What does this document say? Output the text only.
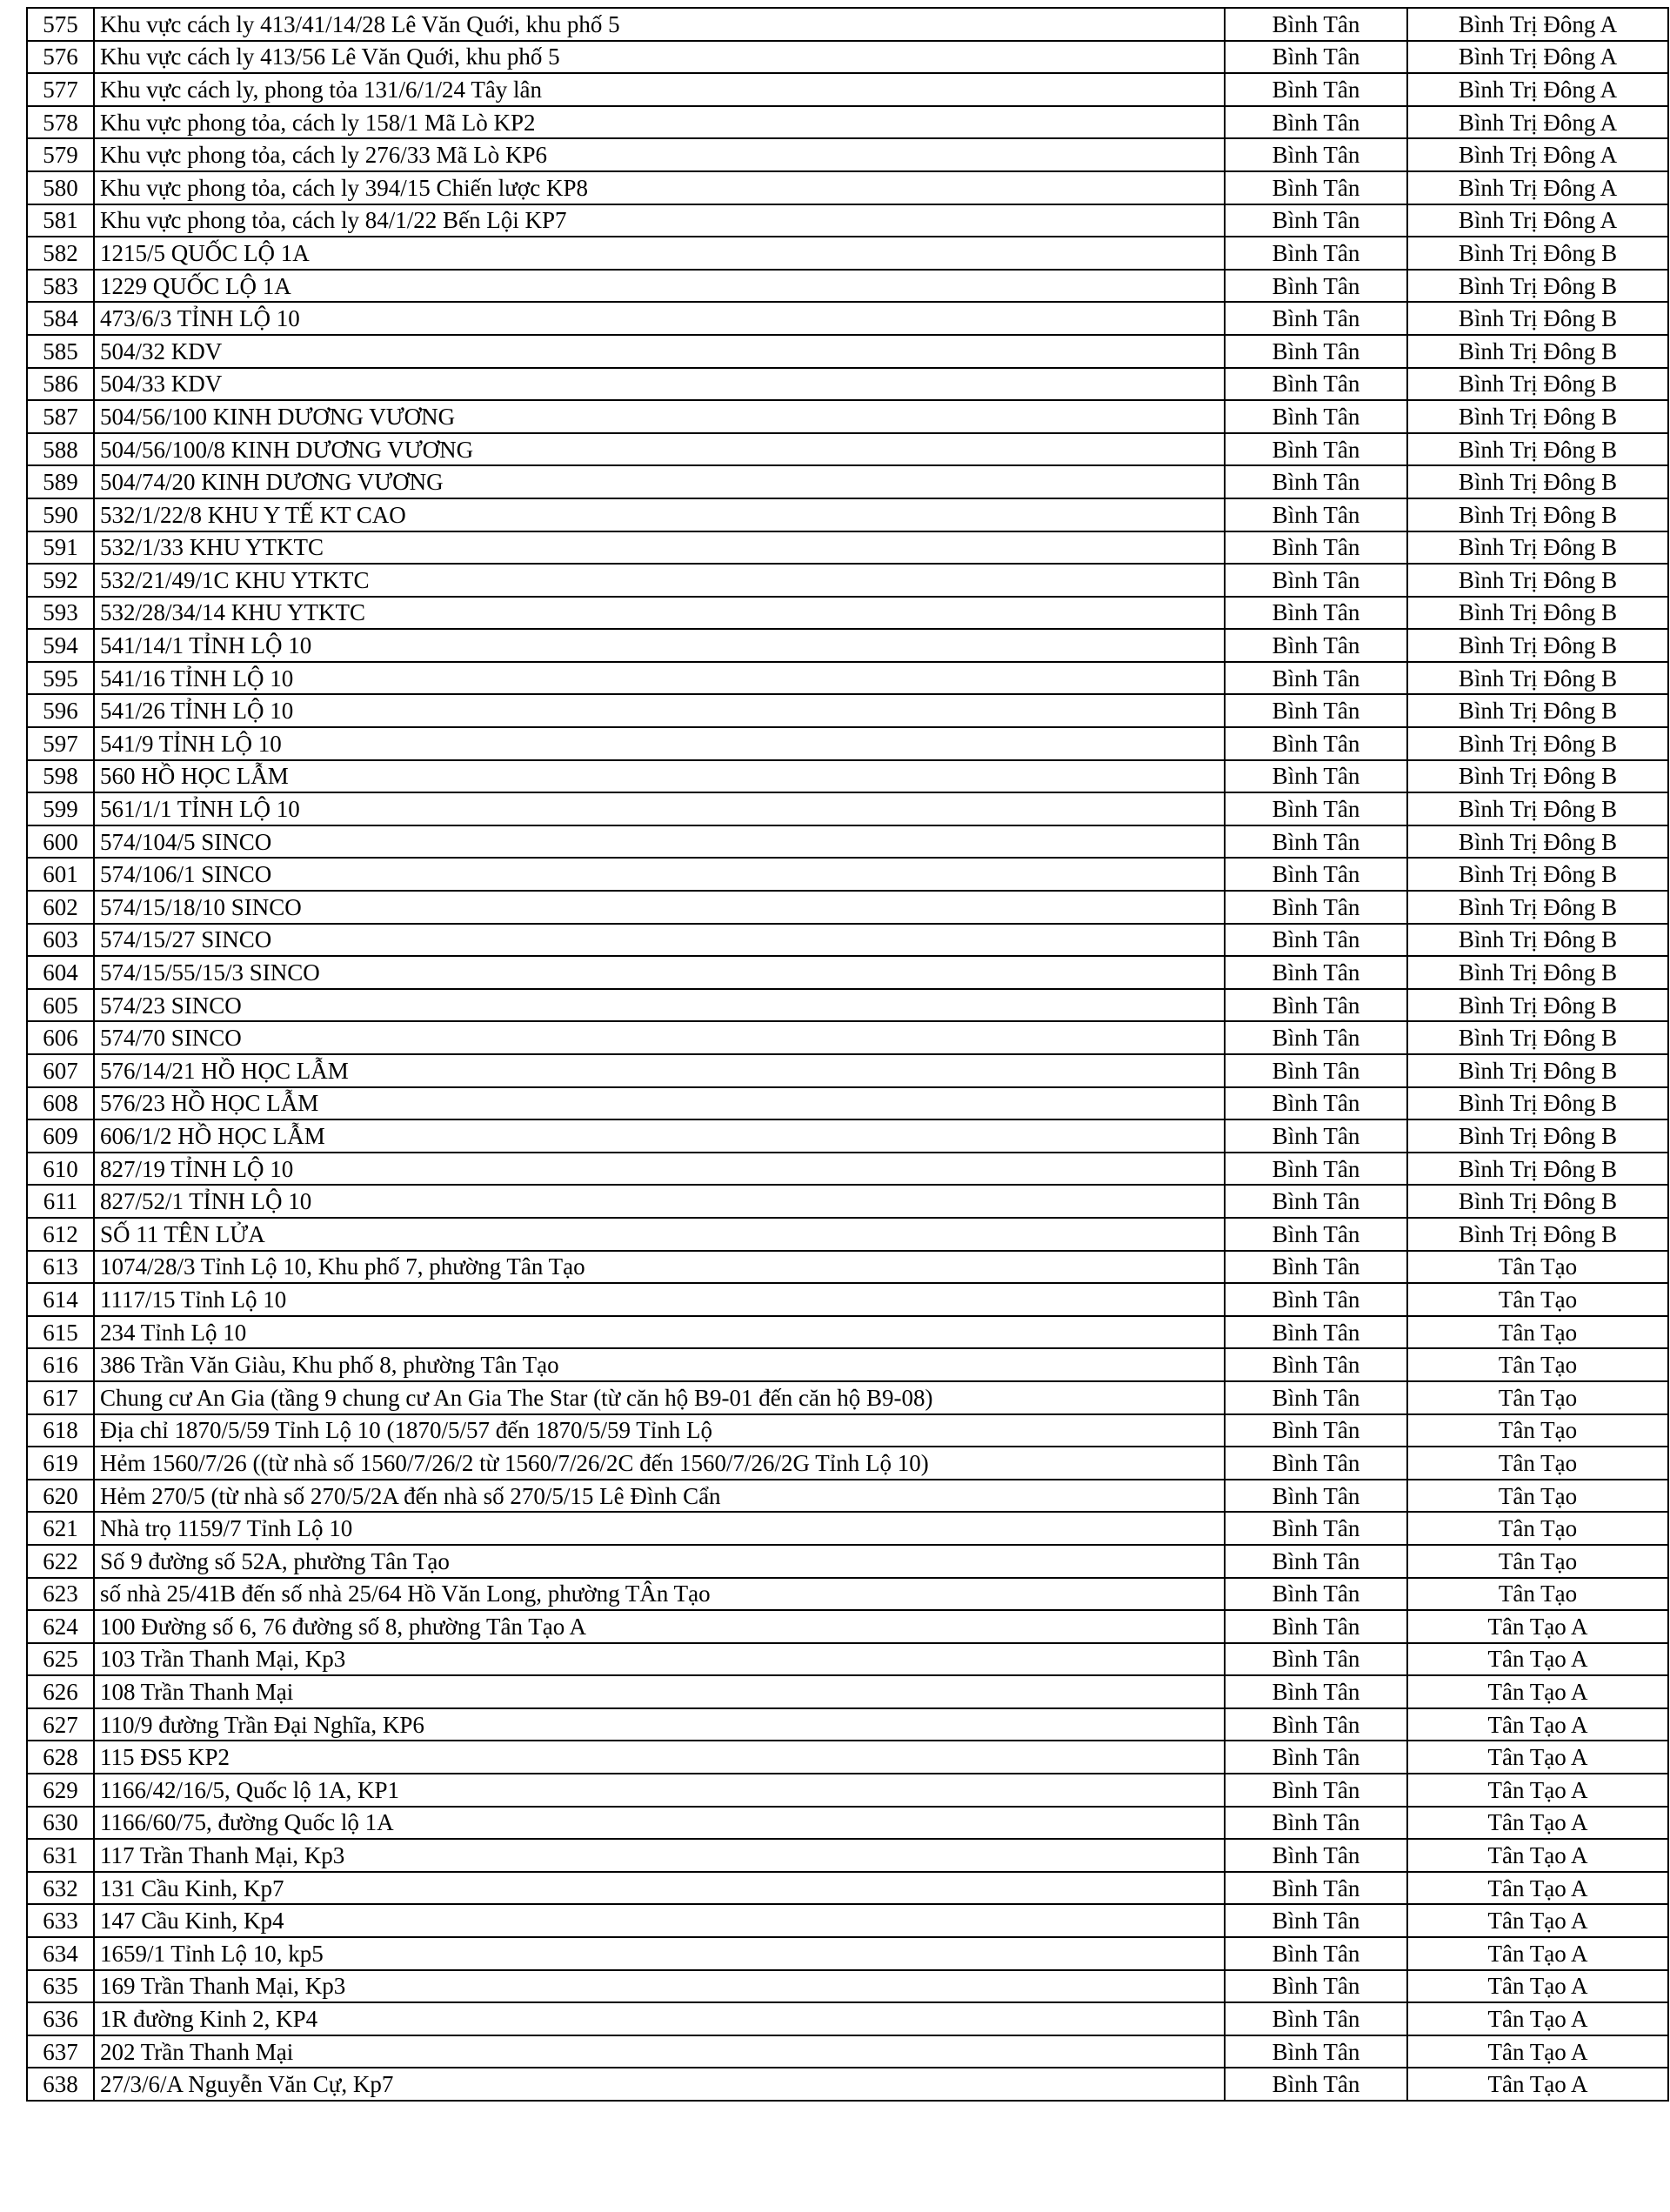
575	Khu vực cách ly 413/41/14/28 Lê Văn Quới, khu phố 5	Bình Tân	Bình Trị Đông A
576	Khu vực cách ly 413/56 Lê Văn Quới, khu phố 5	Bình Tân	Bình Trị Đông A
577	Khu vực cách ly, phong tỏa 131/6/1/24 Tây lân	Bình Tân	Bình Trị Đông A
578	Khu vực phong tỏa, cách ly 158/1 Mã Lò KP2	Bình Tân	Bình Trị Đông A
579	Khu vực phong tỏa, cách ly 276/33 Mã Lò KP6	Bình Tân	Bình Trị Đông A
580	Khu vực phong tỏa, cách ly 394/15 Chiến lược KP8	Bình Tân	Bình Trị Đông A
581	Khu vực phong tỏa, cách ly 84/1/22 Bến Lội KP7	Bình Tân	Bình Trị Đông A
582	1215/5 QUỐC LỘ 1A	Bình Tân	Bình Trị Đông B
583	1229 QUỐC LỘ 1A	Bình Tân	Bình Trị Đông B
584	473/6/3 TỈNH LỘ 10	Bình Tân	Bình Trị Đông B
585	504/32 KDV	Bình Tân	Bình Trị Đông B
586	504/33 KDV	Bình Tân	Bình Trị Đông B
587	504/56/100 KINH DƯƠNG VƯƠNG	Bình Tân	Bình Trị Đông B
588	504/56/100/8 KINH DƯƠNG VƯƠNG	Bình Tân	Bình Trị Đông B
589	504/74/20 KINH DƯƠNG VƯƠNG	Bình Tân	Bình Trị Đông B
590	532/1/22/8 KHU Y TẾ KT CAO	Bình Tân	Bình Trị Đông B
591	532/1/33 KHU YTKTC	Bình Tân	Bình Trị Đông B
592	532/21/49/1C KHU YTKTC	Bình Tân	Bình Trị Đông B
593	532/28/34/14 KHU YTKTC	Bình Tân	Bình Trị Đông B
594	541/14/1 TỈNH LỘ 10	Bình Tân	Bình Trị Đông B
595	541/16 TỈNH LỘ 10	Bình Tân	Bình Trị Đông B
596	541/26 TỈNH LỘ 10	Bình Tân	Bình Trị Đông B
597	541/9 TỈNH LỘ 10	Bình Tân	Bình Trị Đông B
598	560 HỒ HỌC LẪM	Bình Tân	Bình Trị Đông B
599	561/1/1 TỈNH LỘ 10	Bình Tân	Bình Trị Đông B
600	574/104/5 SINCO	Bình Tân	Bình Trị Đông B
601	574/106/1 SINCO	Bình Tân	Bình Trị Đông B
602	574/15/18/10 SINCO	Bình Tân	Bình Trị Đông B
603	574/15/27 SINCO	Bình Tân	Bình Trị Đông B
604	574/15/55/15/3 SINCO	Bình Tân	Bình Trị Đông B
605	574/23 SINCO	Bình Tân	Bình Trị Đông B
606	574/70 SINCO	Bình Tân	Bình Trị Đông B
607	576/14/21 HỒ HỌC LẪM	Bình Tân	Bình Trị Đông B
608	576/23 HỒ HỌC LẪM	Bình Tân	Bình Trị Đông B
609	606/1/2 HỒ HỌC LẪM	Bình Tân	Bình Trị Đông B
610	827/19 TỈNH LỘ 10	Bình Tân	Bình Trị Đông B
611	827/52/1 TỈNH LỘ 10	Bình Tân	Bình Trị Đông B
612	SỐ 11 TÊN LỬA	Bình Tân	Bình Trị Đông B
613	1074/28/3 Tỉnh Lộ 10, Khu phố 7, phường Tân Tạo	Bình Tân	Tân Tạo
614	1117/15 Tỉnh Lộ 10	Bình Tân	Tân Tạo
615	234 Tỉnh Lộ 10	Bình Tân	Tân Tạo
616	386 Trần Văn Giàu, Khu phố 8, phường Tân Tạo	Bình Tân	Tân Tạo
617	Chung cư An Gia (tầng 9 chung cư An Gia The Star (từ căn hộ B9-01 đến căn hộ B9-08)	Bình Tân	Tân Tạo
618	Địa chỉ 1870/5/59 Tỉnh Lộ 10 (1870/5/57 đến 1870/5/59 Tỉnh Lộ	Bình Tân	Tân Tạo
619	Hẻm 1560/7/26 ((từ nhà số 1560/7/26/2 từ 1560/7/26/2C đến 1560/7/26/2G Tỉnh Lộ 10)	Bình Tân	Tân Tạo
620	Hẻm 270/5 (từ nhà số 270/5/2A đến nhà số 270/5/15 Lê Đình Cẩn	Bình Tân	Tân Tạo
621	Nhà trọ 1159/7 Tỉnh Lộ 10	Bình Tân	Tân Tạo
622	Số 9 đường số 52A, phường Tân Tạo	Bình Tân	Tân Tạo
623	số nhà 25/41B đến số nhà 25/64 Hồ Văn Long, phường TÂn Tạo	Bình Tân	Tân Tạo
624	100 Đường số 6, 76 đường số 8, phường Tân Tạo A	Bình Tân	Tân Tạo A
625	103 Trần Thanh Mại, Kp3	Bình Tân	Tân Tạo A
626	108 Trần Thanh Mại	Bình Tân	Tân Tạo A
627	110/9 đường Trần Đại Nghĩa, KP6	Bình Tân	Tân Tạo A
628	115 ĐS5 KP2	Bình Tân	Tân Tạo A
629	1166/42/16/5, Quốc lộ 1A, KP1	Bình Tân	Tân Tạo A
630	1166/60/75, đường Quốc lộ 1A	Bình Tân	Tân Tạo A
631	117 Trần Thanh Mại, Kp3	Bình Tân	Tân Tạo A
632	131 Cầu Kinh, Kp7	Bình Tân	Tân Tạo A
633	147 Cầu Kinh, Kp4	Bình Tân	Tân Tạo A
634	1659/1 Tỉnh Lộ 10, kp5	Bình Tân	Tân Tạo A
635	169 Trần Thanh Mại, Kp3	Bình Tân	Tân Tạo A
636	1R đường Kinh 2, KP4	Bình Tân	Tân Tạo A
637	202 Trần Thanh Mại	Bình Tân	Tân Tạo A
638	27/3/6/A Nguyễn Văn Cự, Kp7	Bình Tân	Tân Tạo A
